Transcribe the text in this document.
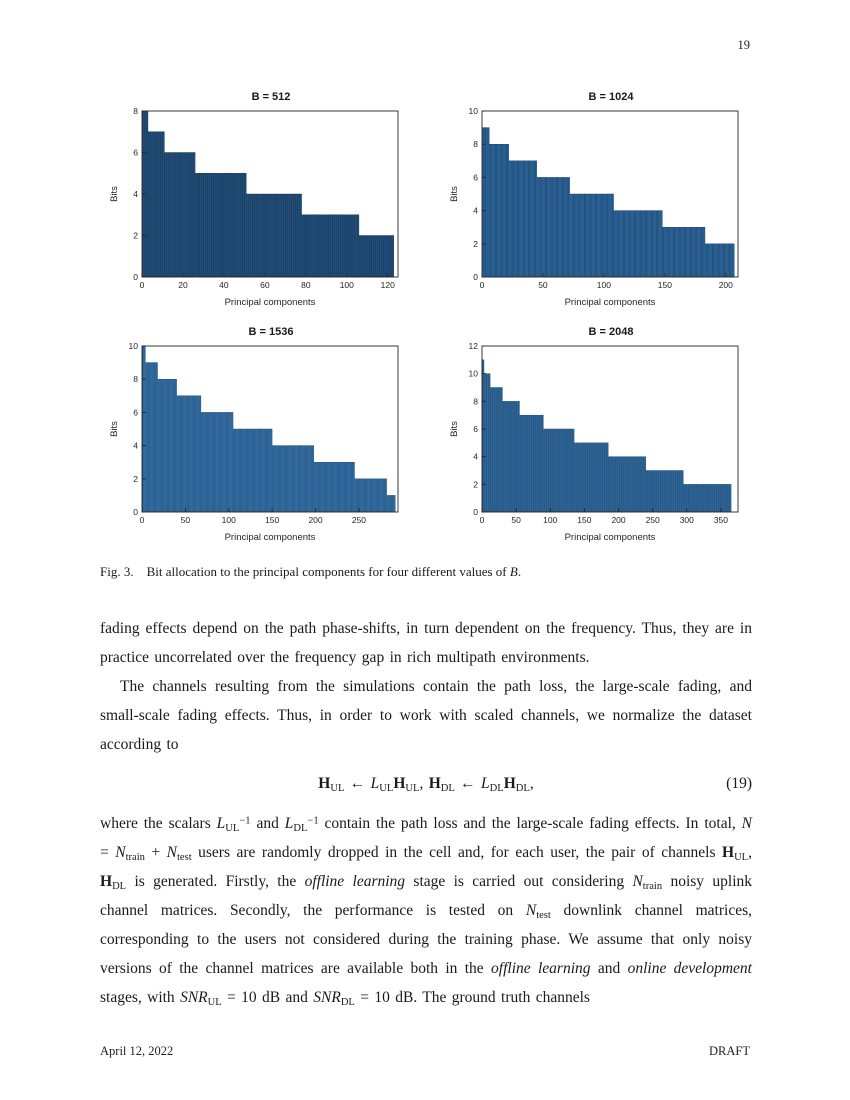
19
B = 512
0	20	40	60	80	100	120
0
2
4
6
8
Principal components
Bits
B = 1024
0	50	100	150	200
0
2
4
6
8
10
Principal components
Bits
B = 1536
0	50	100	150	200	250
0
2
4
6
8
10
Principal components
Bits
B = 2048
0	50	100 150 200 250 300 350
0
2
4
6
8
10
12
Principal components
Bits
Fig. 3.  Bit allocation to the principal components for four different values of B.

fading effects depend on the path phase-shifts, in turn dependent on the frequency. Thus, they are in practice uncorrelated over the frequency gap in rich multipath environments.

The channels resulting from the simulations contain the path loss, the large-scale fading, and small-scale fading effects. Thus, in order to work with scaled channels, we normalize the dataset according to

$H_{UL}$ ← $L_{UL}H_{UL}$, $H_{DL}$ ← $L_{DL}H_{DL}$,	(19)

where the scalars $L_{UL}^{-1}$ and $L_{DL}^{-1}$ contain the path loss and the large-scale fading effects. In total, $N = N_{train} + N_{test}$ users are randomly dropped in the cell and, for each user, the pair of channels $H_{UL}$, $H_{DL}$ is generated. Firstly, the offline learning stage is carried out considering $N_{train}$ noisy uplink channel matrices. Secondly, the performance is tested on $N_{test}$ downlink channel matrices, corresponding to the users not considered during the training phase. We assume that only noisy versions of the channel matrices are available both in the offline learning and online development stages, with $SNR_{UL} = 10$ dB and $SNR_{DL} = 10$ dB. The ground truth channels

April 12, 2022	DRAFT
